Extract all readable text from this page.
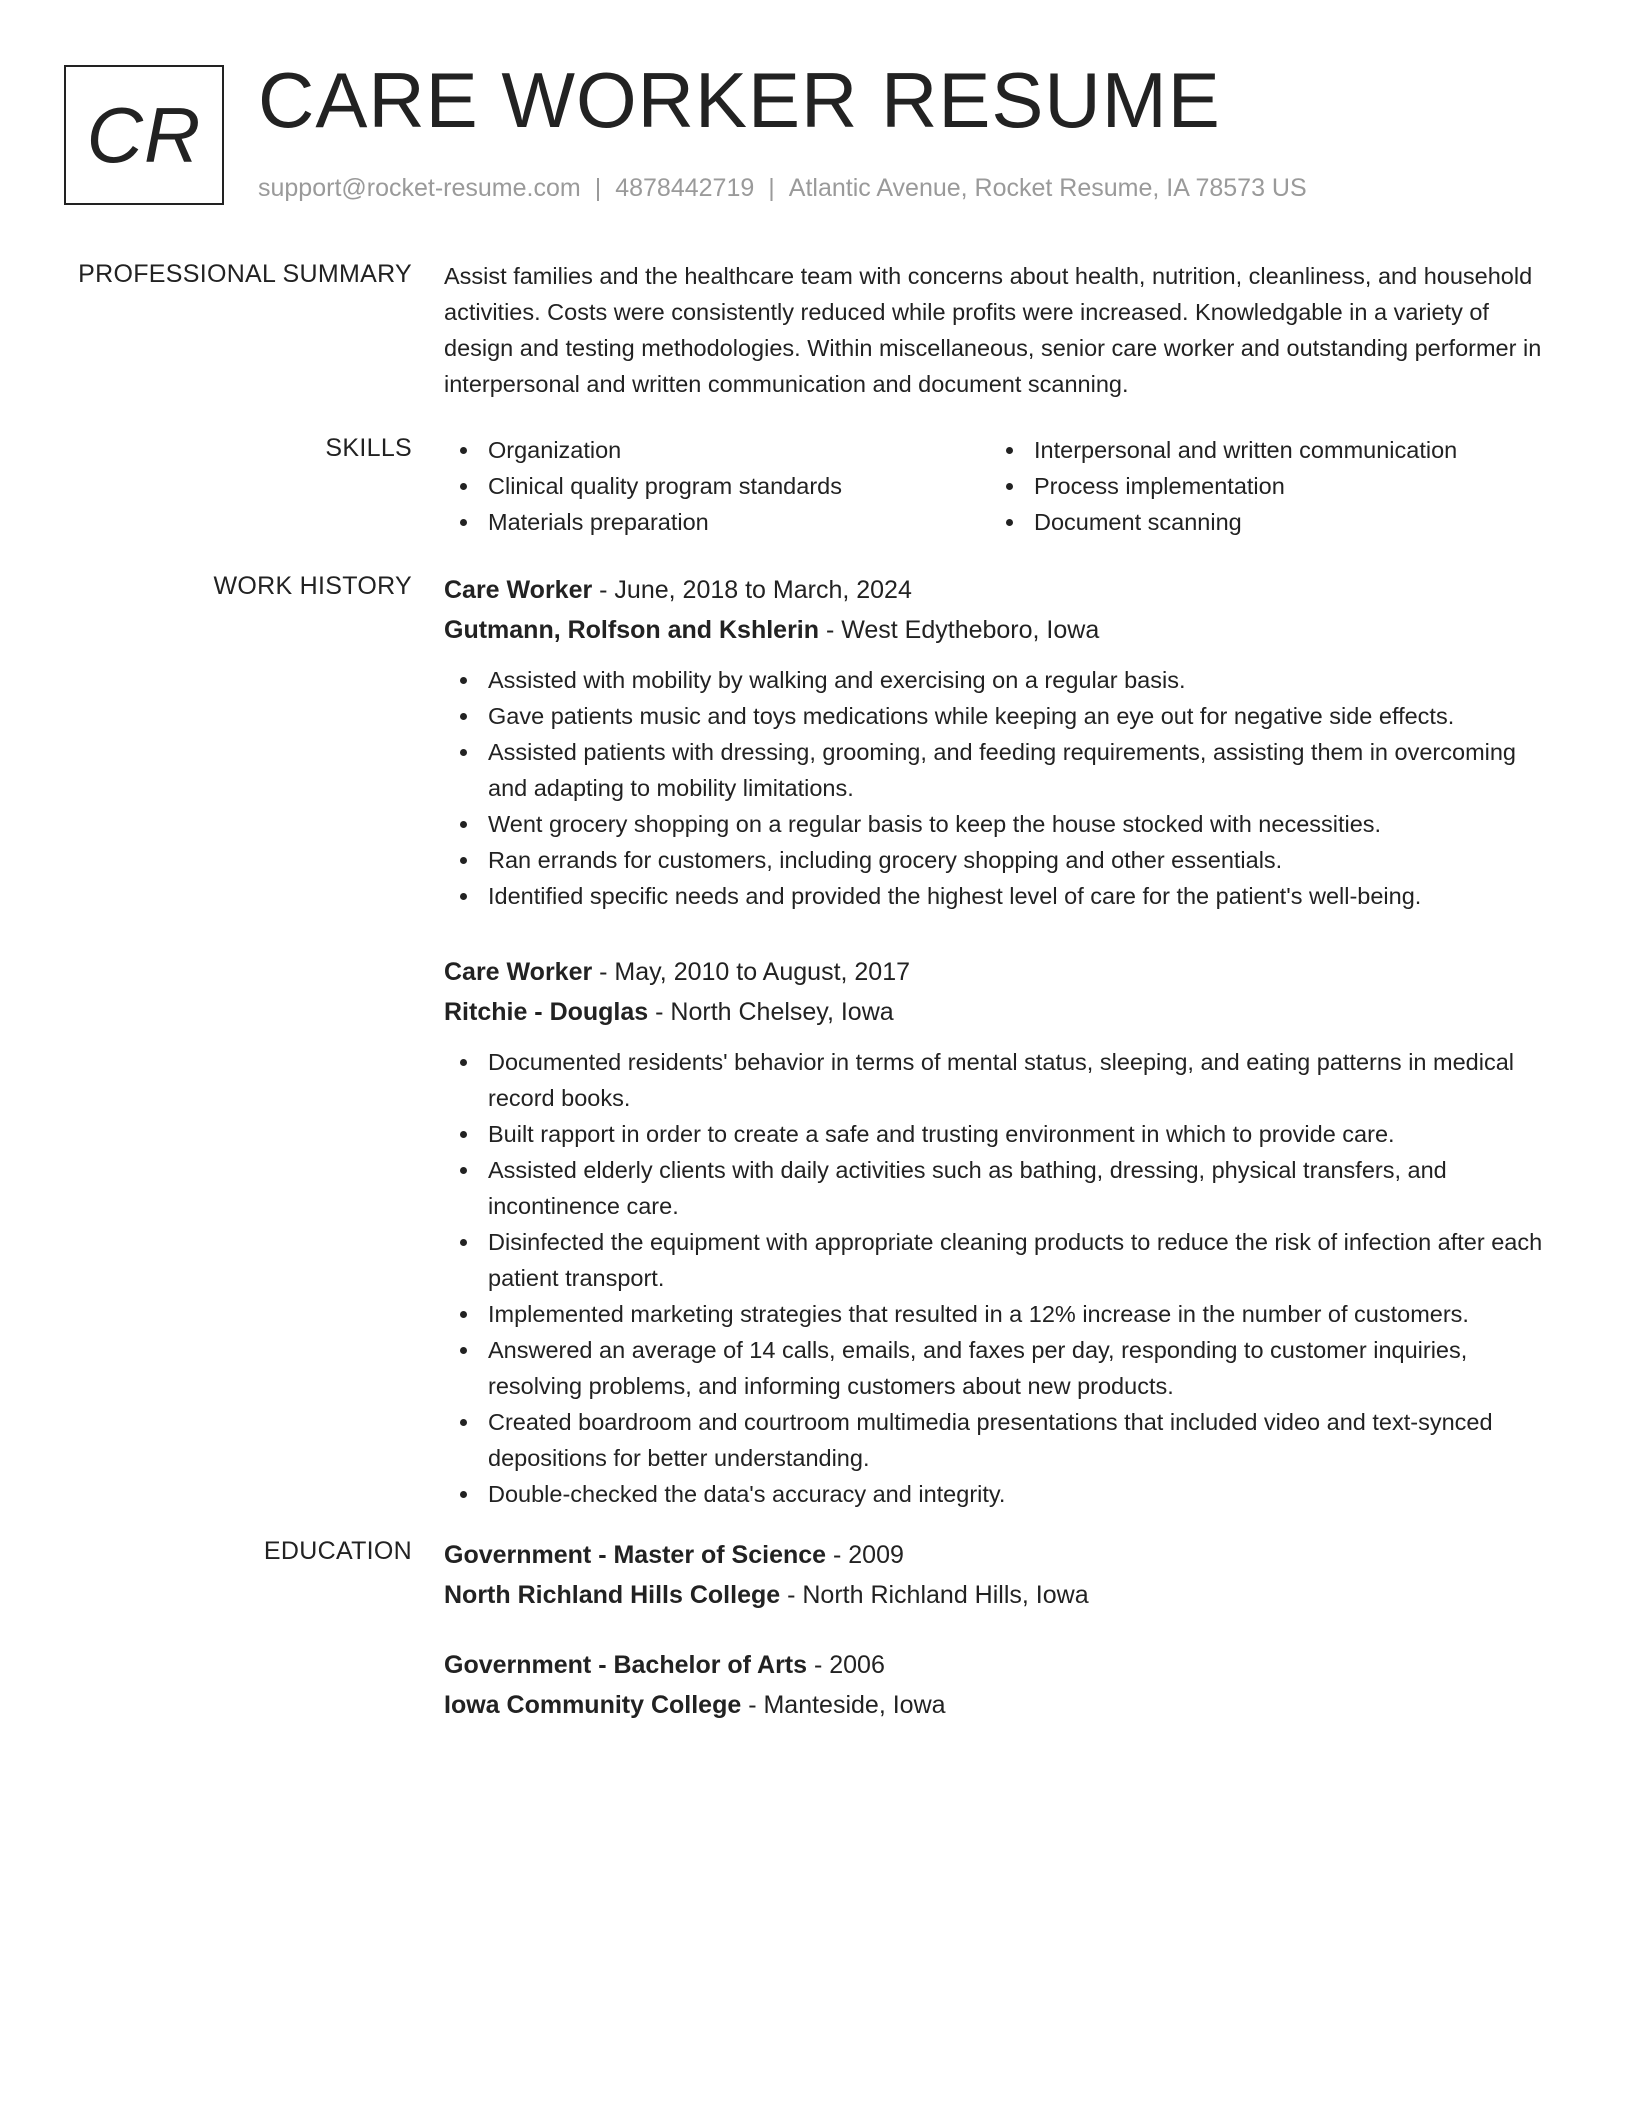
CR CARE WORKER RESUME
support@rocket-resume.com | 4878442719 | Atlantic Avenue, Rocket Resume, IA 78573 US
PROFESSIONAL SUMMARY Assist families and the healthcare team with concerns about health, nutrition, cleanliness, and household activities. Costs were consistently reduced while profits were increased. Knowledgable in a variety of design and testing methodologies. Within miscellaneous, senior care worker and outstanding performer in interpersonal and written communication and document scanning.

SKILLS	Organization
Clinical quality program standards
Materials preparation
Interpersonal and written communication
Process implementation
Document scanning
WORK HISTORY Care Worker - June, 2018 to March, 2024
Gutmann, Rolfson and Kshlerin - West Edytheboro, Iowa
Assisted with mobility by walking and exercising on a regular basis.
Gave patients music and toys medications while keeping an eye out for negative side effects.
Assisted patients with dressing, grooming, and feeding requirements, assisting them in overcoming and adapting to mobility limitations.
Went grocery shopping on a regular basis to keep the house stocked with necessities.
Ran errands for customers, including grocery shopping and other essentials.
Identified specific needs and provided the highest level of care for the patient's well-being.
Care Worker - May, 2010 to August, 2017
Ritchie - Douglas - North Chelsey, Iowa
Documented residents' behavior in terms of mental status, sleeping, and eating patterns in medical record books.
Built rapport in order to create a safe and trusting environment in which to provide care.
Assisted elderly clients with daily activities such as bathing, dressing, physical transfers, and incontinence care.
Disinfected the equipment with appropriate cleaning products to reduce the risk of infection after each patient transport.
Implemented marketing strategies that resulted in a 12% increase in the number of customers.
Answered an average of 14 calls, emails, and faxes per day, responding to customer inquiries, resolving problems, and informing customers about new products.
Created boardroom and courtroom multimedia presentations that included video and text-synced depositions for better understanding.
Double-checked the data's accuracy and integrity.
EDUCATION Government - Master of Science - 2009
North Richland Hills College - North Richland Hills, Iowa
Government - Bachelor of Arts - 2006
Iowa Community College - Manteside, Iowa
